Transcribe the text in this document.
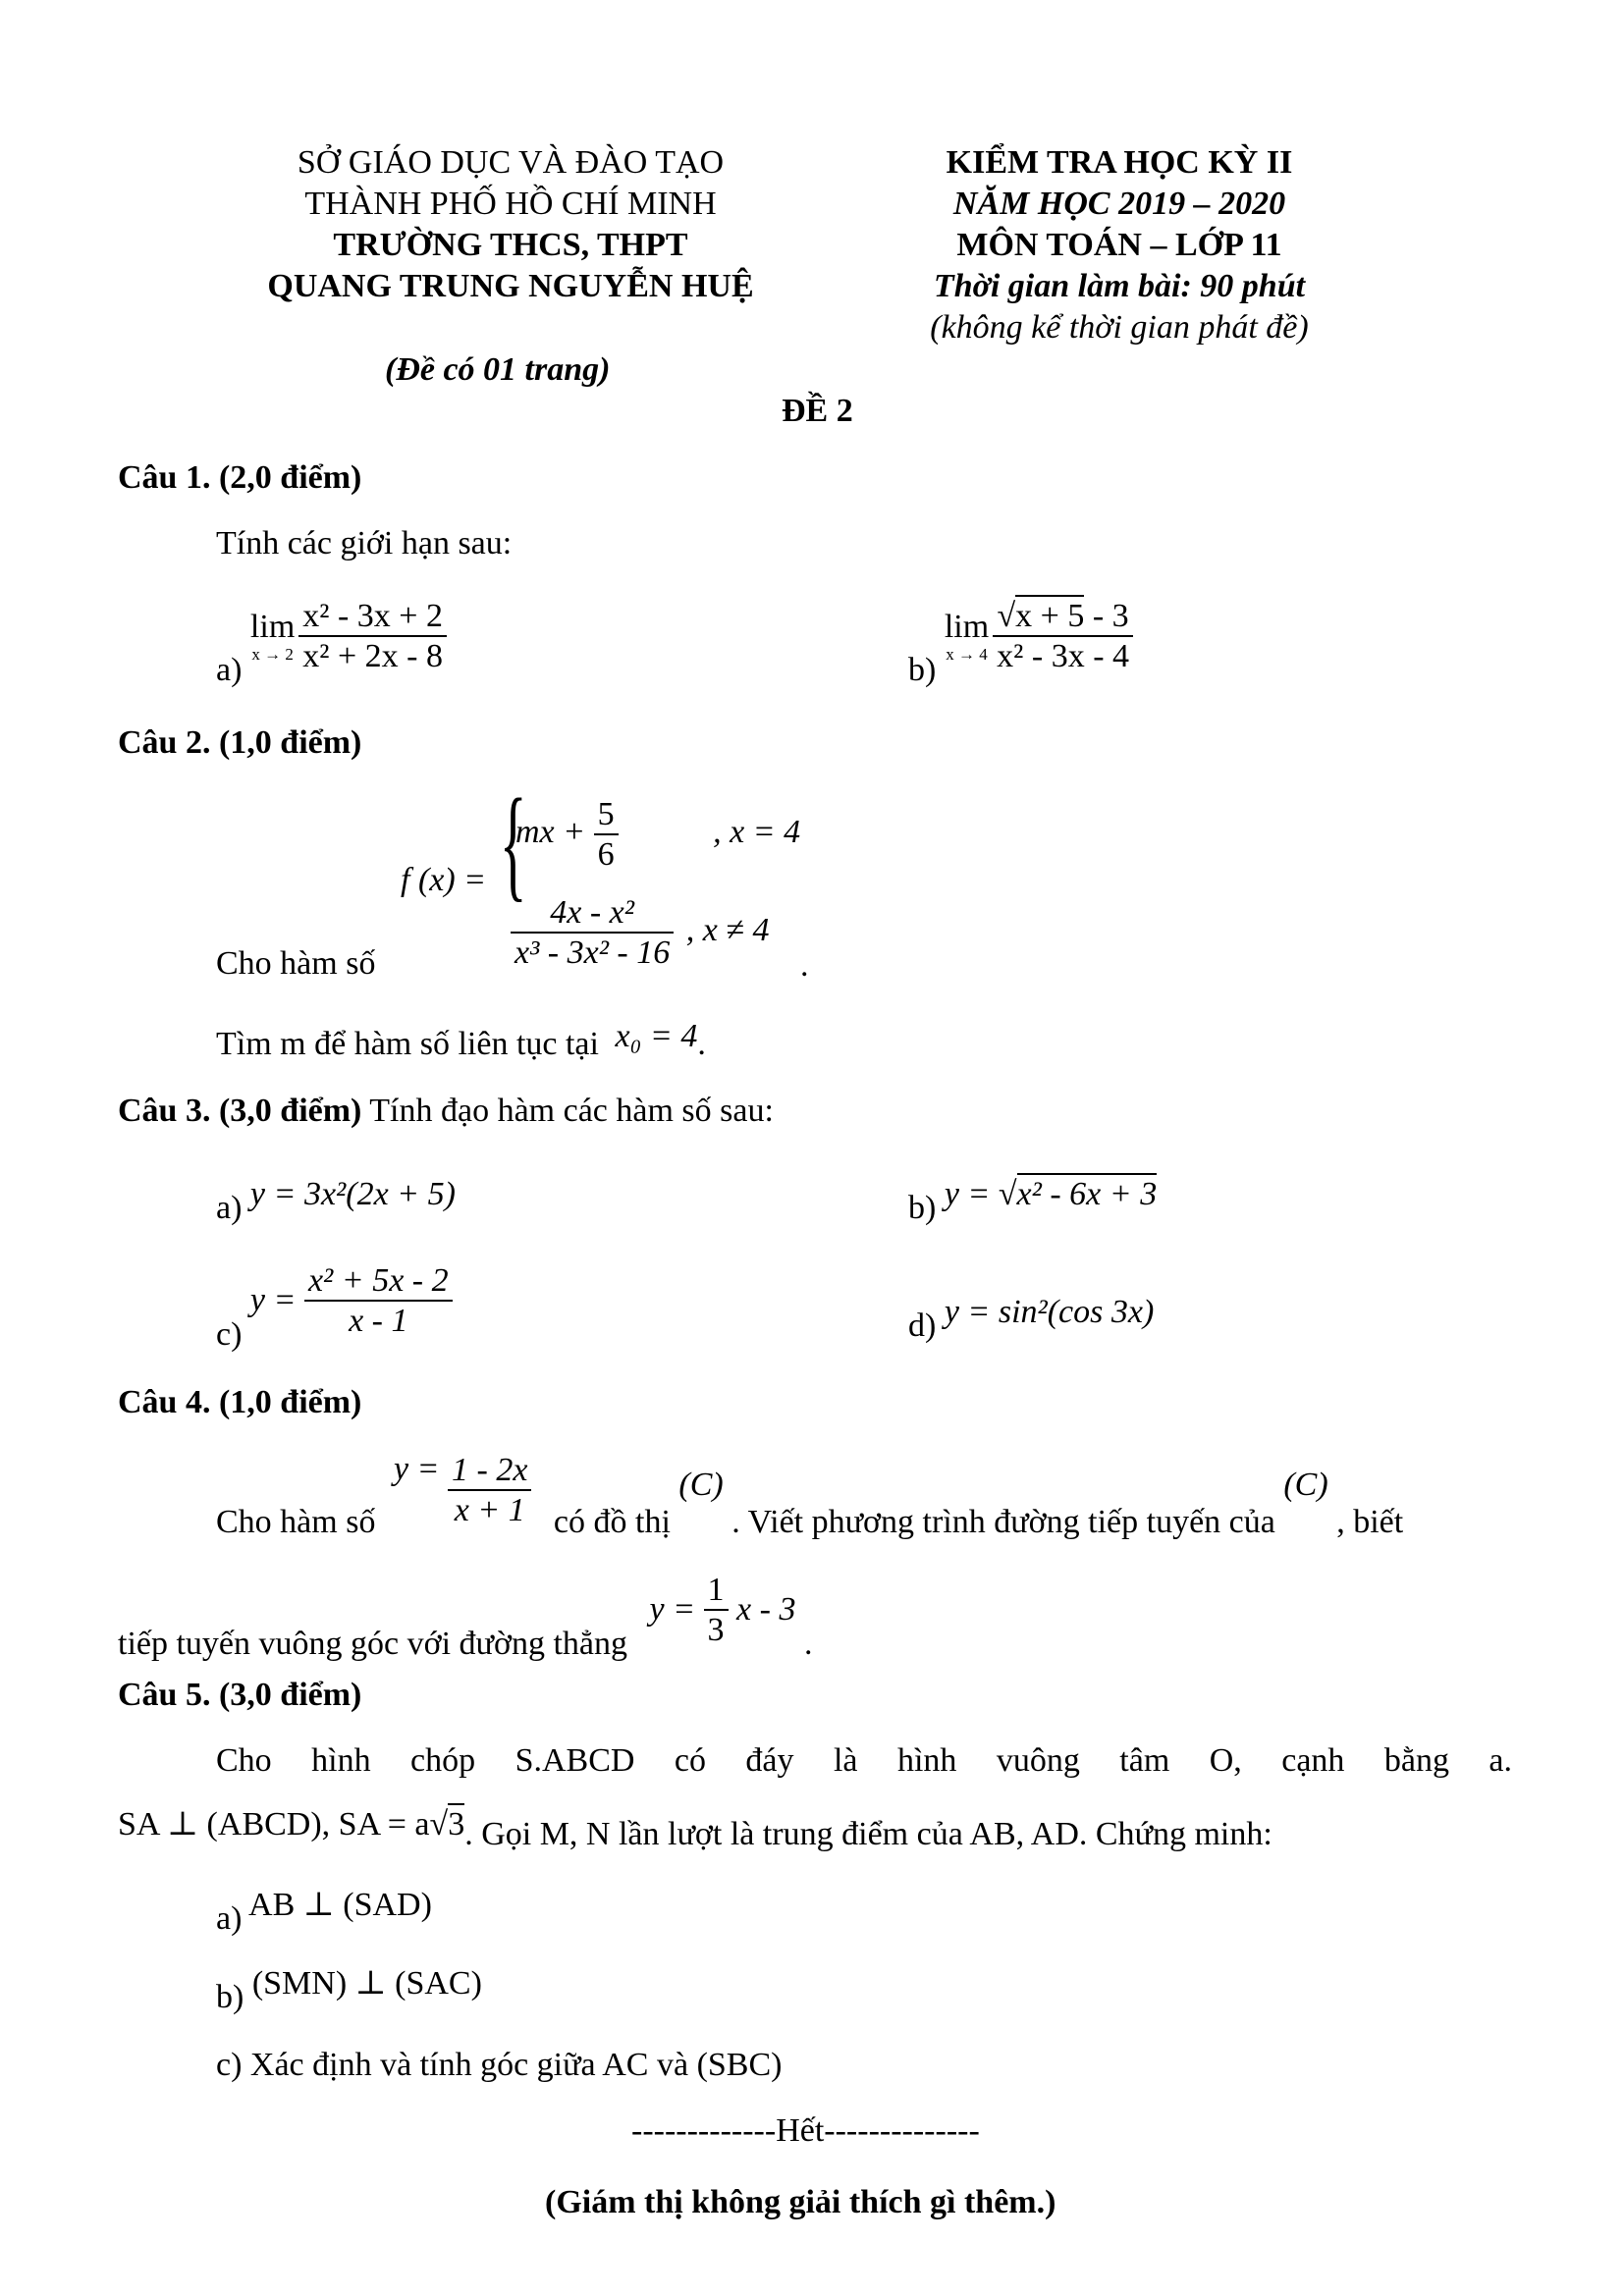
SỞ GIÁO DỤC VÀ ĐÀO TẠO
THÀNH PHỐ HỒ CHÍ MINH
TRƯỜNG THCS, THPT
QUANG TRUNG NGUYỄN HUỆ
KIỂM TRA HỌC KỲ II
NĂM HỌC 2019 – 2020
MÔN TOÁN – LỚP 11
Thời gian làm bài: 90 phút
(không kể thời gian phát đề)
(Đề có 01 trang)
ĐỀ 2
Câu 1. (2,0 điểm)
Tính các giới hạn sau:
a)
lim
$x \to 2 \frac{\text{x² - 3x + 2}}{\text{x² + 2x - 8}}$	b)
lim
$x \to 4 \frac{√x + 5 - 3}{\text{x² - 3x - 4}}$
Câu 2. (1,0 điểm)
Cho hàm số
f (x) = {
mx + $\frac{5}{6}$	, x = 4
$\frac{\text{4x - x²}}{\text{x³ - 3x² - 16}}$ , x ≠ 4
.
Tìm m để hàm số liên tục tại x₀ = 4.
Câu 3. (3,0 điểm) Tính đạo hàm các hàm số sau:
a) y = 3x²(2x + 5)	b) y = √x² - 6x + 3
c) $y = \frac{\text{x² + 5x - 2}}{x - 1}$	d) y = sin²(cos 3x)
Câu 4. (1,0 điểm)
Cho hàm số $y = \frac{1 - 2x}{x + 1}$ có đồ thị (C) . Viết phương trình đường tiếp tuyến của (C) , biết
tiếp tuyến vuông góc với đường thẳng $y = \frac{1}{3}$ x - 3 .
Câu 5. (3,0 điểm)
Cho hình chóp S.ABCD có đáy là hình vuông tâm O, cạnh bằng a.
SA ⊥ (ABCD), SA = a√3. Gọi M, N lần lượt là trung điểm của AB, AD. Chứng minh:
a) AB ⊥ (SAD)
b) (SMN) ⊥ (SAC)
c) Xác định và tính góc giữa AC và (SBC)
-------------Hết--------------
(Giám thị không giải thích gì thêm.)
